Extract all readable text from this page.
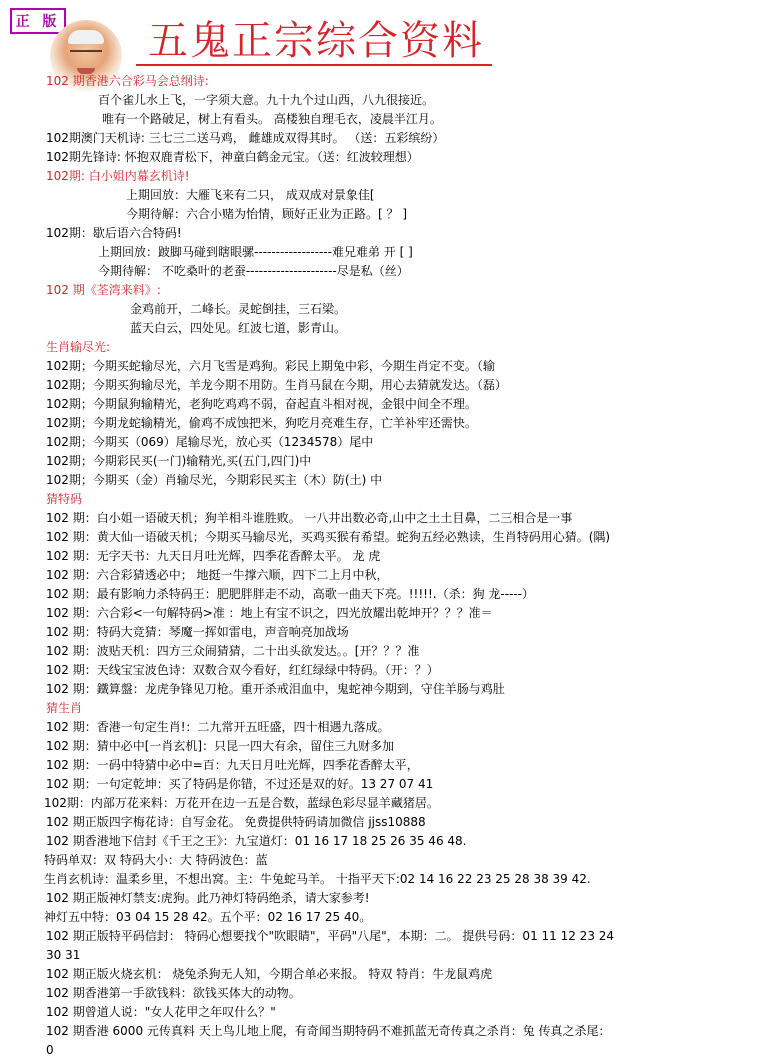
正 版	五鬼正宗综合资料
102 期香港六合彩马会总纲诗:
百个雀儿水上飞，一字须大意。九十九个过山西，八九很接近。
唯有一个路破足，树上有看头。 高楼独自理毛衣，凌晨半江月。
102期澳门天机诗: 三七三二送马鸡， 雌雄成双得其时。 （送：五彩缤纷）
102期先锋诗: 怀抱双鹿青松下，神童白鹤金元宝。（送：红波较理想）
102期: 白小姐内幕玄机诗!
上期回放：大雁飞来有二只， 成双成对景象佳[
今期待解：六合小赌为怡情，顾好正业为正路。[ ？ ]
102期：歇后语六合特码!
上期回放：跛脚马碰到瞎眼骡------------------难兄难弟 开 [ ]
今期待解： 不吃桑叶的老蚕---------------------尽是私（丝）
102 期《荃湾来料》:
金鸡前开，二峰长。灵蛇倒挂，三石梁。
蓝天白云，四处见。红波七道，影青山。
生肖输尽光:
102期；今期买蛇输尽光，六月飞雪是鸡狗。彩民上期兔中彩，今期生肖定不变。（输
102期；今期买狗输尽光，羊龙今期不用防。生肖马鼠在今期，用心去猜就发达。（磊）
102期；今期鼠狗输精光，老狗吃鸡鸡不弱，奋起直斗相对视，金银中间全不理。
102期；今期龙蛇输精光，偷鸡不成蚀把米，狗吃月亮难生存，亡羊补牢还需快。
102期；今期买（069）尾输尽光，放心买（1234578）尾中
102期；今期彩民买(一门)输精光,买(五门,四门)中
102期；今期买（金）肖输尽光，今期彩民买主（木）防(土) 中
猜特码
102 期：白小姐一语破天机；狗羊相斗谁胜败。 一八井出数必奇,山中之土土目鼻，二三相合是一事
102 期：黄大仙一语破天机；今期买马输尽光，买鸡买猴有希望。蛇狗五经必熟读，生肖特码用心猜。(隅)
102 期：无字天书：九天日月吐光辉，四季花香醉太平。 龙 虎
102 期：六合彩猜透必中； 地挺一牛撑六顺，四下二上月中秋，
102 期：最有影响力杀特码王：肥肥胖胖走不动，高歌一曲天下亮。!!!!!.（杀：狗 龙-----）
102 期：六合彩<一句解特码>准 ：地上有宝不识之，四光放耀出乾坤开？？？准＝
102 期：特码大竞猜：琴魔一挥如雷电，声音响亮加战场
102 期：波贴天机：四方三众闹猜猜，二十出头欲发达。。[开？？？准
102 期：天线宝宝波色诗：双数合双今看好，红红绿绿中特码。（开：？）
102 期：鐵算盤：龙虎争锋见刀枪。重开杀戒泪血中，鬼蛇神今期到，守住羊肠与鸡肚
猜生肖
102 期：香港一句定生肖!：二九常开五旺盛，四十相遇九落成。
102 期：猜中必中[一肖玄机]：只昆一四大有余，留住三九财多加
102 期：一码中特猜中必中=百：九天日月吐光辉，四季花香醉太平，
102 期：一句定乾坤：买了特码是你错，不过还是双的好。13 27 07 41
102期：内部万花来料：万花开在边一五是合数，蓝绿色彩尽显羊藏猪居。
102 期正版四字梅花诗：自写金花。 免费提供特码请加微信 jjss10888
102 期香港地下信封《千王之王》：九宝道灯：01 16 17 18 25 26 35 46 48.
特码单双：双 特码大小：大 特码波色：蓝
生肖玄机诗：温柔乡里，不想出窝。主：牛兔蛇马羊。 十指平天下:02 14 16 22 23 25 28 38 39 42.
102 期正版神灯禁支:虎狗。此乃神灯特码绝杀，请大家参考!
神灯五中特：03 04 15 28 42。五个平：02 16 17 25 40。
102 期正版特平码信封： 特码心想要找个"吹眼睛"，平码"八尾"，本期：二。 提供号码：01 11 12 23 24
30 31
102 期正版火烧玄机： 烧兔杀狗无人知，今期合单必来报。 特双 特肖：牛龙鼠鸡虎
102 期香港第一手欲钱料：欲钱买体大的动物。
102 期曾道人说："女人花甲之年叹什么？"
102 期香港 6000 元传真料 天上鸟儿地上爬，有奇闻当期特码不难抓蓝无奇传真之杀肖：兔 传真之杀尾：
0
